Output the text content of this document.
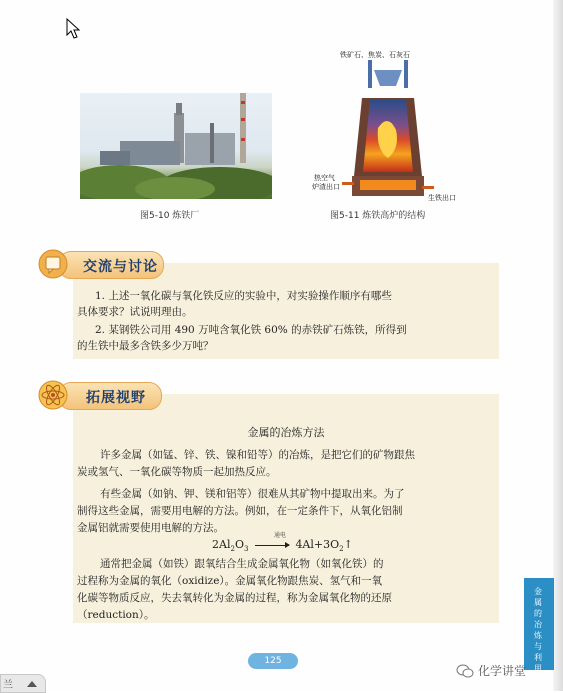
图5-10 炼铁厂
铁矿石、焦炭、石灰石
热空气
炉渣出口
生铁出口
图5-11 炼铁高炉的结构
交流与讨论
1. 上述一氧化碳与氧化铁反应的实验中，对实验操作顺序有哪些
具体要求？试说明理由。
2. 某钢铁公司用 490 万吨含氧化铁 60% 的赤铁矿石炼铁，所得到
的生铁中最多含铁多少万吨？
拓展视野
金属的冶炼方法
许多金属（如锰、锌、铁、镍和铅等）的冶炼，是把它们的矿物跟焦
炭或氢气、一氧化碳等物质一起加热反应。
有些金属（如钠、钾、镁和铝等）很难从其矿物中提取出来。为了
制得这些金属，需要用电解的方法。例如，在一定条件下，从氧化铝制
金属铝就需要使用电解的方法。
$2Al_2O_3$
通电
→ $4Al+3O_2↑$
通常把金属（如铁）跟氧结合生成金属氧化物（如氧化铁）的
过程称为金属的氧化（oxidize）。金属氧化物跟焦炭、氢气和一氧
化碳等物质反应，失去氧转化为金属的过程，称为金属氧化物的还原
（reduction）。
金属的冶炼与利用
125
化学讲堂
兰
